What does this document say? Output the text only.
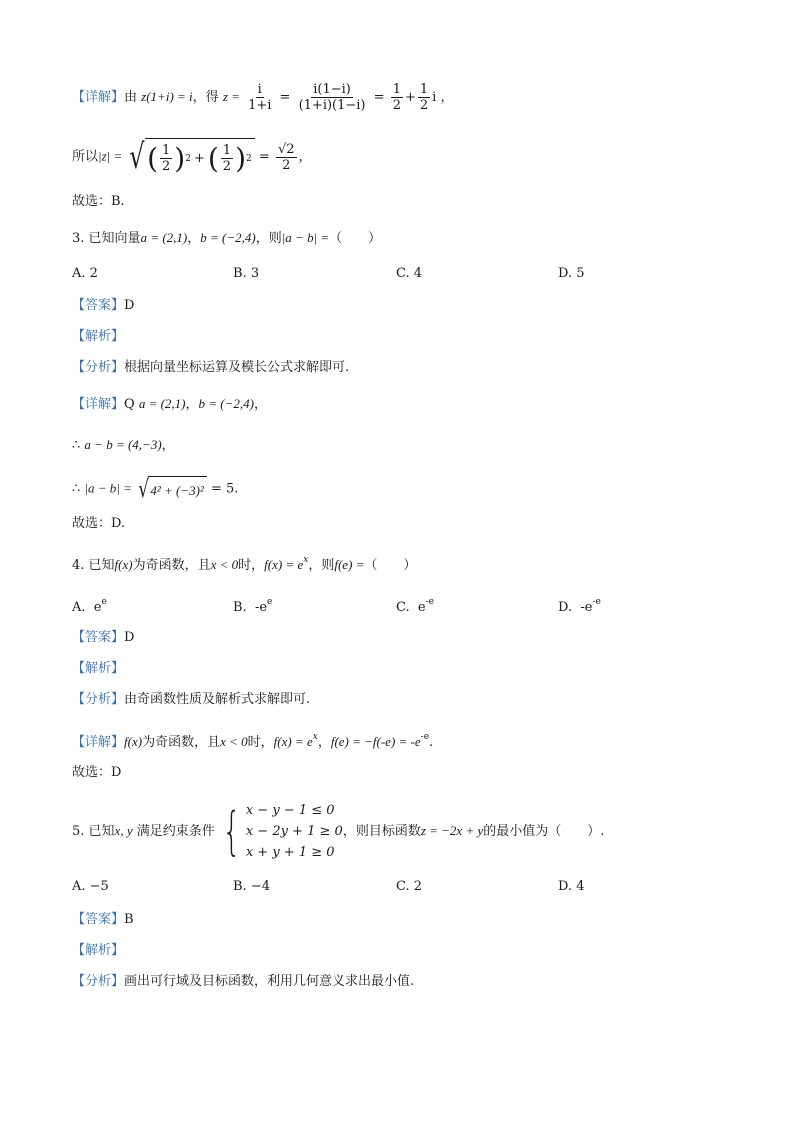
【详解】由 z(1+i) = i，得 $z = \frac{i}{1+i} = \frac{i(1-i)}{(1+i)(1-i)} = \frac{1}{2} + \frac{1}{2}$ i ，
所以|z| = √ ( $\frac{1}{2}$ ) 2 + ( $\frac{1}{2}$ ) $2 = \frac{√2}{2}$ ，
故选：B.
3. 已知向量a = (2,1)，b = (−2,4)，则|a − b| =（　　）
A. 2	B. 3	C. 4	D. 5
【答案】D
【解析】
【分析】根据向量坐标运算及模长公式求解即可.
【详解】Q a = (2,1)，b = (−2,4)，
∴ a − b = (4,−3)，
∴ |a − b| = √ 4² + (−3)² = 5.
故选：D.
4. 已知f(x)为奇函数，且x < 0时，$f(x) = e^x$，则f(e) =（　　）
A. $e^e$	B. $-e^e$	C. $e^{-e}$	D. $-e^{-e}$
【答案】D
【解析】
【分析】由奇函数性质及解析式求解即可.
【详解】f(x)为奇函数，且x < 0时，$f(x) = e^x$，$f(e) = -f(-e) = -e^{-e}$.
故选：D
5. 已知x, y 满足约束条件 { x − y − 1 ≤ 0
x − 2y + 1 ≥ 0
x + y + 1 ≥ 0
，则目标函数z = −2x + y的最小值为（　　）.
A. −5	B. −4	C. 2	D. 4
【答案】B
【解析】
【分析】画出可行域及目标函数，利用几何意义求出最小值.
